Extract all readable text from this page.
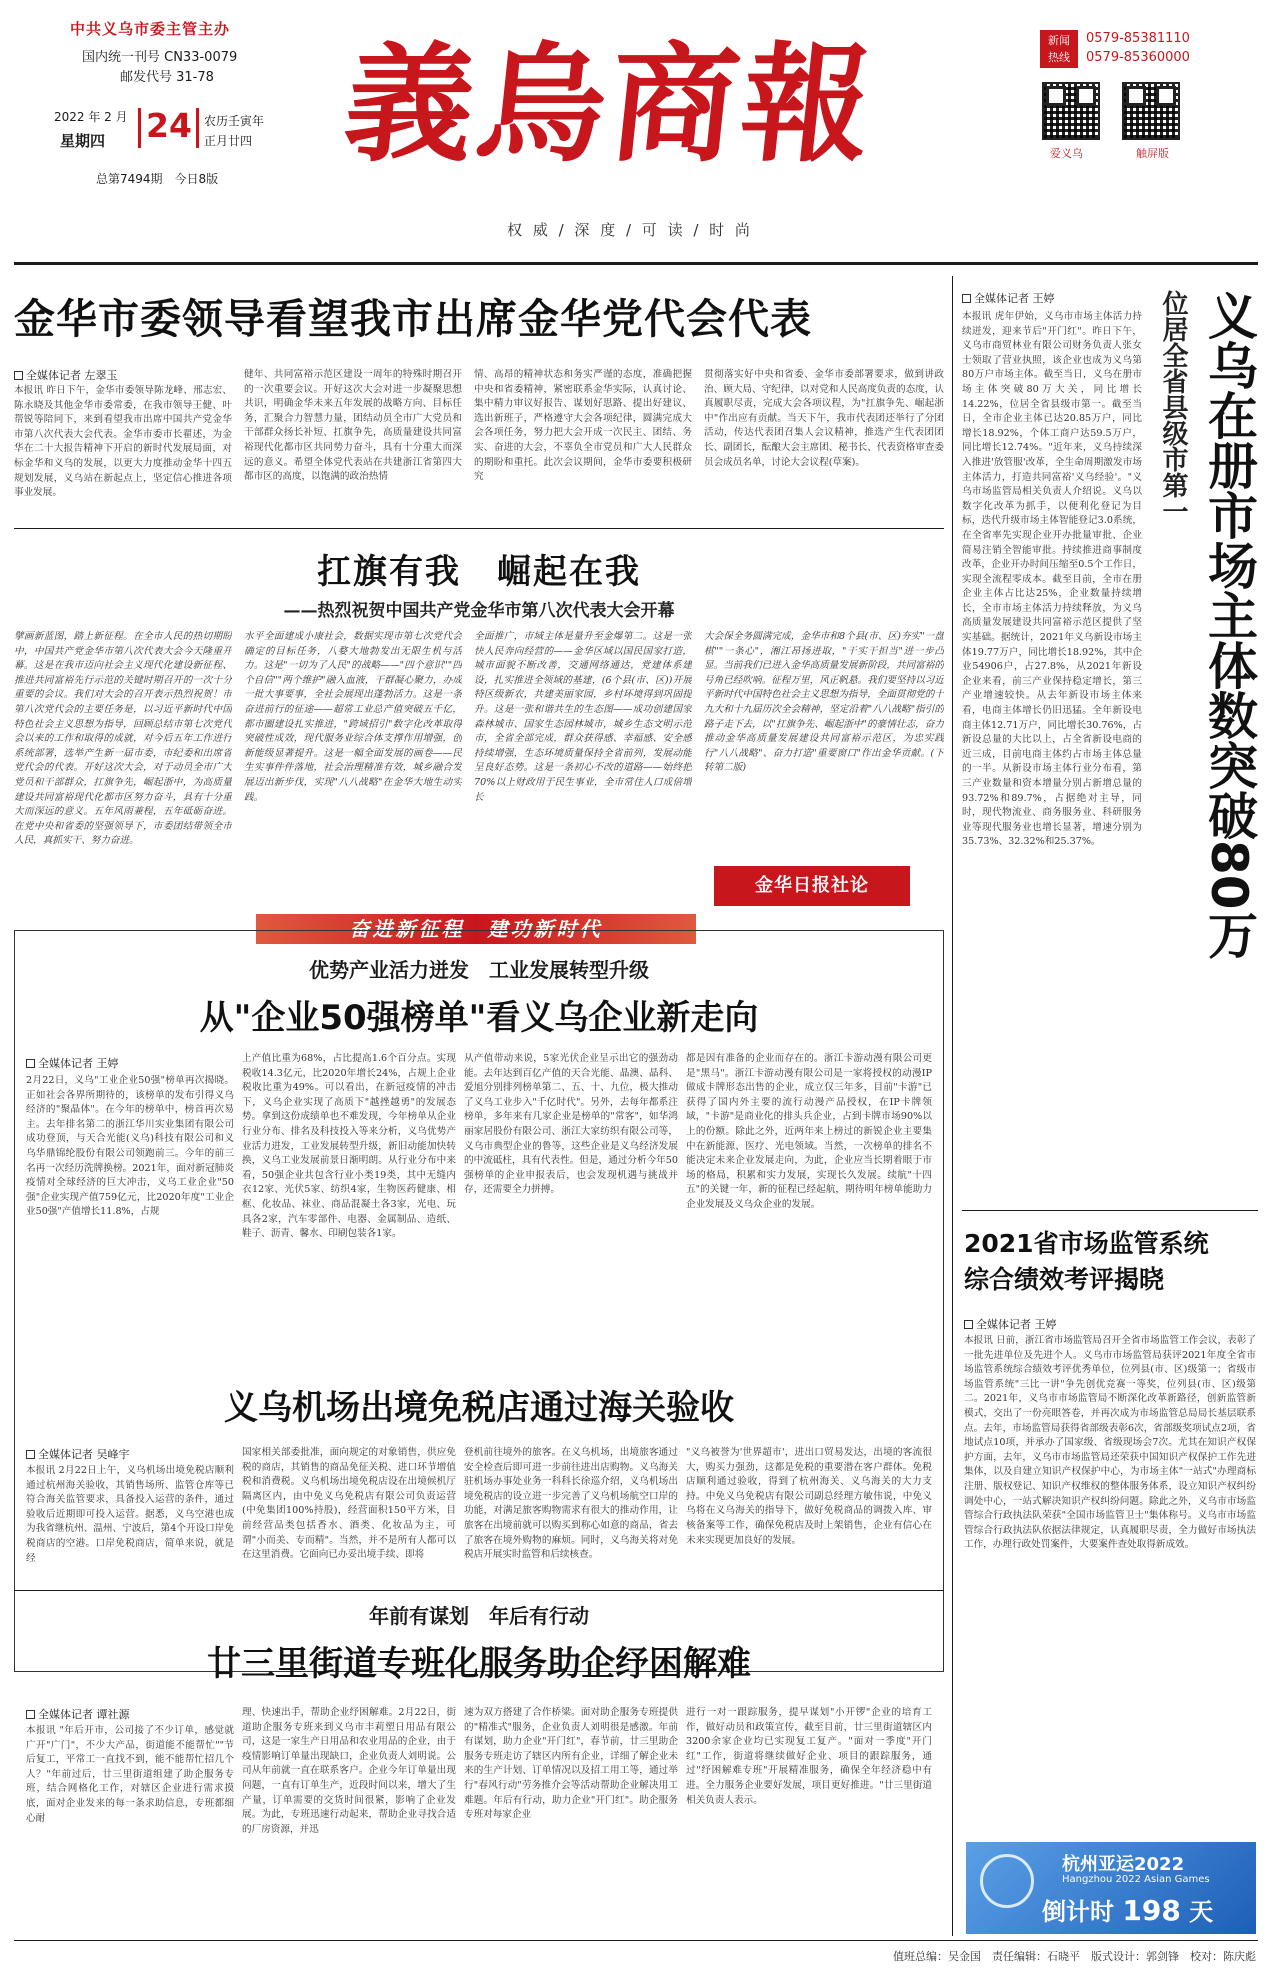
中共义乌市委主管主办
国内统一刊号 CN33-0079
邮发代号 31-78
2022 年 2 月
星期四 24 农历壬寅年
正月廿四
总第7494期　今日8版 義烏商報
权 威 / 深 度 / 可 读 / 时 尚
新闻
热线
0579-85381110
0579-85360000
爱义乌	触屏版
金华市委领导看望我市出席金华党代会代表
全媒体记者 左翠玉
本报讯 昨日下午，金华市委领导陈龙峰、邢志宏、陈永晓及其他金华市委常委，在我市领导王健、叶帮锐等陪同下，来到看望我市出席中国共产党金华市第八次代表大会代表。金华市委市长翟述，为金华在二十大报告精神下开启的新时代发展局面，对标金华和义乌的发展，以更大力度推动金华十四五规划发展，义乌站在新起点上，坚定信心推进各项事业发展。
健年、共同富裕示范区建设一周年的特殊时期召开的一次重要会议。开好这次大会对进一步凝聚思想共识，明确金华未来五年发展的战略方向、目标任务，汇聚合力智慧力量，团结动员全市广大党员和干部群众扬长补短、扛旗争先，高质量建设共同富裕现代化都市区共同势力奋斗，具有十分重大而深远的意义。希望全体党代表站在共建浙江省第四大都市区的高度，以饱满的政治热情
情、高昂的精神状态和务实严谨的态度，准确把握中央和省委精神，紧密联系金华实际，认真讨论、集中精力审议好报告、谋划好思路、提出好建议、选出新班子，严格遵守大会各项纪律，圆满完成大会各项任务，努力把大会开成一次民主、团结、务实、奋进的大会，不辜负全市党员和广大人民群众的期盼和重托。此次会议期间，金华市委要积极研究
贯彻落实好中央和省委、金华市委部署要求，做到讲政治、顾大局、守纪律，以对党和人民高度负责的态度，认真履职尽责，完成大会各项议程，为"扛旗争先、崛起浙中"作出应有贡献。当天下午，我市代表团还举行了分团活动，传达代表团召集人会议精神，推选产生代表团团长、副团长，酝酿大会主席团、秘书长、代表资格审查委员会成员名单，讨论大会议程(草案)。
扛旗有我　崛起在我
——热烈祝贺中国共产党金华市第八次代表大会开幕
擘画新蓝图，踏上新征程。在全市人民的热切期盼中，中国共产党金华市第八次代表大会今天隆重开幕。这是在我市迈向社会主义现代化建设新征程、推进共同富裕先行示范的关键时期召开的一次十分重要的会议。我们对大会的召开表示热烈祝贺！市第八次党代会的主要任务是，以习近平新时代中国特色社会主义思想为指导，回顾总结市第七次党代会以来的工作和取得的成就，对今后五年工作进行系统部署，选举产生新一届市委，市纪委和出席省党代会的代表。开好这次大会，对于动员全市广大党员和干部群众，扛旗争先，崛起浙中，为高质量建设共同富裕现代化都市区努力奋斗，具有十分重大而深远的意义。五年风雨兼程，五年砥砺奋进。在党中央和省委的坚强领导下，市委团结带领全市人民，真抓实干、努力奋进。
水平全面建成小康社会，数据实现市第七次党代会确定的目标任务，八婺大地勃发出无限生机与活力。这是"一切为了人民"的战略——"四个意识""四个自信""两个维护"融入血液，干群凝心聚力，办成一批大事要事，全社会展现出蓬勃活力。这是一条奋进前行的征途——超常工业总产值突破五千亿，都市圈建设扎实推进，"跨域招引"数字化改革取得突破性成效，现代服务业综合体支撑作用增强，创新能级显著提升。这是一幅全面发展的画卷——民生实事件件落地，社会治理精准有效，城乡融合发展迈出新步伐，实现"八八战略"在金华大地生动实践。
全面推广，市域主体是量升至金爆第二。这是一张快人民奔向经营的——金华区域以国民国家打造，城市面貌不断改善，交通网络通达，党建体系建设，扎实推进全领域的基建，(6个县(市、区))开展特区级新农，共建美丽家园，乡村环境得到巩固提升。这是一张和谐共生的生态图——成功创建国家森林城市、国家生态园林城市，城乡生态文明示范市，全省全部完成，群众获得感、幸福感、安全感持续增强，生态环境质量保持全省前列，发展动能呈良好态势。这是一条初心不改的道路——始终把70%以上财政用于民生事业，全市常住人口成倍增长
大会保全务圆满完成，金华市和8个县(市、区)夯实"一盘棋""一条心"，湘江昂扬进取，"干实干担当"进一步凸显。当前我们已进入金华高质量发展新阶段，共同富裕的号角已经吹响。征程万里，风正帆悬。我们要坚持以习近平新时代中国特色社会主义思想为指导，全面贯彻党的十九大和十九届历次全会精神，坚定沿着"八八战略"指引的路子走下去，以"扛旗争先、崛起浙中"的豪情壮志，奋力推动金华高质量发展建设共同富裕示范区，为忠实践行"八八战略"、奋力打造"重要窗口"作出金华贡献。(下转第二版)
金华日报社论
奋进新征程　建功新时代
优势产业活力迸发　工业发展转型升级
从"企业50强榜单"看义乌企业新走向
全媒体记者 王婷
2月22日，义乌"工业企业50强"榜单再次揭晓。正如社会各界所期待的，该榜单的发布引得义乌经济的"聚晶体"。在今年的榜单中，榜首再次易主。去年排名第二的浙江华川实业集团有限公司成功登顶，与天合光能(义乌)科技有限公司和义乌华鼎锦纶股份有限公司领跑前三。今年的前三名再一次经历洗牌换榜。2021年，面对新冠肺炎疫情对全球经济的巨大冲击，义乌工业企业"50强"企业实现产值759亿元，比2020年度"工业企业50强"产值增长11.8%，占规
上产值比重为68%，占比提高1.6个百分点。实现税收14.3亿元，比2020年增长24%，占规上企业税收比重为49%。可以看出，在新冠疫情的冲击下，义乌企业实现了高质下"越挫越勇"的发展态势。拿到这份成绩单也不难发现，今年榜单从企业行业分布、排名及科技投入等来分析，义乌优势产业活力进发，工业发展转型升级，新旧动能加快转换，义乌工业发展前景日渐明朗。从行业分布中来看，50强企业共包含行业小类19类，其中无缝内衣12家、光伏5家、纺织4家，生物医药健康、相框、化妆品、袜业、商品混凝土各3家，光电、玩具各2家，汽车零部件、电器、金属制品、造纸、鞋子、沥青、馨水、印刷包装各1家。
从产值带动来说，5家光伏企业呈示出它的强劲动能。去年达到百亿产值的天合光能、晶澳、晶科、爱旭分别排列榜单第二、五、十、九位，极大推动了义乌工业步入"千亿时代"。另外，去每年都系注榜单，多年来有几家企业是榜单的"常客"，如华鸿丽家居股份有限公司、浙江大家纺织有限公司等，义乌市典型企业的鲁等，这些企业是义乌经济发展的中流砥柱，具有代表性。但是，通过分析今年50强榜单的企业申报表后，也会发现机遇与挑战并存，还需要全力拼搏。
都是因有准备的企业而存在的。浙江卡游动漫有限公司更是"黑马"。浙江卡游动漫有限公司是一家将授权的动漫IP做成卡牌形态出售的企业，成立仅三年多，目前"卡游"已获得了国内外主要的流行动漫产品授权，在IP卡牌领域，"卡游"是商业化的排头兵企业，占到卡牌市场90%以上的份额。除此之外，近两年来上榜过的新锐企业主要集中在新能源、医疗、光电领域。当然，一次榜单的排名不能决定未来企业发展走向，为此，企业应当长期着眼于市场的格局，积累和实力发展，实现长久发展。续航"十四五"的关键一年，新的征程已经起航，期待明年榜单能助力企业发展及义乌众企业的发展。
义乌机场出境免税店通过海关验收
全媒体记者 吴峰宇
本报讯 2月22日上午，义乌机场出境免税店顺利通过杭州海关验收，其销售场所、监管仓库等已符合海关监管要求，具备投入运营的条件，通过验收后近期即可投入运营。据悉，义乌空港也成为我省继杭州、温州、宁波后，第4个开设口岸免税商店的空港。口岸免税商店，简单来说，就是经
国家相关部委批准，面向规定的对象销售，供应免税的商店，其销售的商品免征关税、进口环节增值税和消费税。义乌机场出境免税店设在出境候机厅隔离区内，由中免义乌免税店有限公司负责运营(中免集团100%持股)，经营面积150平方米，目前经营品类包括香水、酒类、化妆品为主，可谓"小而美、专而精"。当然，并不是所有人都可以在这里消费。它面向已办妥出境手续、即将
登机前往境外的旅客。在义乌机场，出境旅客通过安全检查后即可进一步前往进出店购物。义乌海关驻机场办事处业务一科科长徐巡介绍，义乌机场出境免税店的设立进一步完善了义乌机场航空口岸的功能，对满足旅客购物需求有很大的推动作用，让旅客在出境前就可以购买到称心如意的商品，省去了旅客在境外购物的麻烦。同时，义乌海关将对免税店开展实时监管和后续核查。
"义乌被誉为'世界超市'，进出口贸易发达，出境的客流很大，购买力强劲，这都是免税的重要潜在客户群体。免税店顺利通过验收，得到了杭州海关、义乌海关的大力支持。中免义乌免税店有限公司副总经理方敏伟说，中免义乌将在义乌海关的指导下，做好免税商品的调拨入库、审核备案等工作，确保免税店及时上架销售，企业有信心在未来实现更加良好的发展。
年前有谋划　年后有行动
廿三里街道专班化服务助企纾困解难
全媒体记者 谭社源
本报讯 "年后开市，公司接了不少订单，感觉就广开"广门"，不少大产品，街道能不能帮忙""节后复工，平常工一直找不到，能不能帮忙招几个人？"年前过后，廿三里街道组建了助企服务专班，结合网格化工作，对辖区企业进行需求摸底，面对企业发来的每一条求助信息，专班都细心耐
理、快速出手，帮助企业纾困解难。2月22日，街道助企服务专班来到义乌市丰莉塑日用品有限公司，这是一家生产日用品和农业用品的企业，由于疫情影响订单量出现缺口，企业负责人刘明说。公司从年前就一直在联系客户。企业今年订单量出现问题，一直有订单生产，近段时间以来，增大了生产量，订单需要的交货时间很紧，影响了企业发展。为此，专班迅速行动起来，帮助企业寻找合适的厂房资源，并迅
速为双方搭建了合作桥梁。面对助企服务专班提供的"精准式"服务，企业负责人刘明很是感激。年前有谋划，助力企业"开门红"，春节前，廿三里助企服务专班走访了辖区内所有企业，详细了解企业未来的生产计划、订单情况以及招工用工等，通过举行"春风行动"劳务推介会等活动帮助企业解决用工难题。年后有行动，助力企业"开门红"。助企服务专班对每家企业
进行一对一跟踪服务，提早谋划"小开锣"企业的培育工作，做好动员和政策宣传，截至目前，廿三里街道辖区内3200余家企业均已实现复工复产。"面对一季度"开门红"工作，街道将继续做好企业、项目的跟踪服务，通过"纾困解难专班"开展精准服务，确保全年经济稳中有进。全力服务企业要好发展，项目更好推进。"廿三里街道相关负责人表示。
全媒体记者 王婷	义乌在册市场主体数突破80万
位居全省县级市第一
本报讯 虎年伊始，义乌市市场主体活力持续迸发，迎来节后"开门红"。昨日下午，义乌市商贸林业有限公司财务负责人张女士领取了营业执照，该企业也成为义乌第80万户市场主体。截至当日，义乌在册市场主体突破80万大关，同比增长14.22%，位居全省县级市第一。截至当日，全市企业主体已达20.85万户，同比增长18.92%，个体工商户达59.5万户，同比增长12.74%。"近年来，义乌持续深入推进'放管服'改革，全生命周期激发市场主体活力，打造共同富裕'义乌经验'。"义乌市场监管局相关负责人介绍说。义乌以数字化改革为抓手，以便利化登记为目标，迭代升级市场主体智能登记3.0系统，在全省率先实现企业开办批量审批、企业简易注销全智能审批。持续推进商事制度改革，企业开办时间压缩至0.5个工作日，实现全流程零成本。截至目前，全市在册企业主体占比达25%，企业数量持续增长，全市市场主体活力持续释放，为义乌高质量发展建设共同富裕示范区提供了坚实基础。据统计，2021年义乌新设市场主体19.77万户，同比增长18.92%，其中企业54906户，占27.8%，从2021年新设企业来看，前三产业保持稳定增长，第三产业增速较快。从去年新设市场主体来看，电商主体增长仍旧迅猛。全年新设电商主体12.71万户，同比增长30.76%，占新设总量的大比以上，占全省新设电商的近三成，目前电商主体约占市场主体总量的一半。从新设市场主体行业分布看，第三产业数量和资本增量分别占新增总量的93.72%和89.7%，占据绝对主导，同时，现代物流业、商务服务业、科研服务业等现代服务业也增长显著，增速分别为35.73%、32.32%和25.37%。
2021省市场监管系统
综合绩效考评揭晓
全媒体记者 王婷
本报讯 日前，浙江省市场监管局召开全省市场监管工作会议，表彰了一批先进单位及先进个人。义乌市市场监管局获评2021年度全省市场监管系统综合绩效考评优秀单位，位列县(市、区)级第一；省级市场监管系统"三比一讲"争先创优竞赛一等奖，位列县(市、区)级第二。2021年，义乌市市场监管局不断深化改革新路径，创新监管新模式，交出了一份亮眼答卷，并再次成为市场监管总局局长基层联系点。去年，市场监管局获得省部级表彰6次，省部级奖项试点2项，省地试点10项，并承办了国家级、省级现场会7次。尤其在知识产权保护方面，去年，义乌市市场监管局还荣获中国知识产权保护工作先进集体，以及自建立知识产权保护中心，为市场主体"一站式"办理商标注册、版权登记、知识产权维权的整体服务体系，设立知识产权纠纷调处中心，一站式解决知识产权纠纷问题。除此之外，义乌市市场监管综合行政执法队荣获"全国市场监管卫士"集体称号。义乌市市场监管综合行政执法队依据法律规定，认真履职尽责，全力做好市场执法工作，办理行政处罚案件，大要案件查处取得新成效。
杭州亚运2022
Hangzhou 2022 Asian Games
倒计时 198 天
值班总编：吴金国　责任编辑：石晓平　版式设计：郭剑锋　校对：陈庆彪
